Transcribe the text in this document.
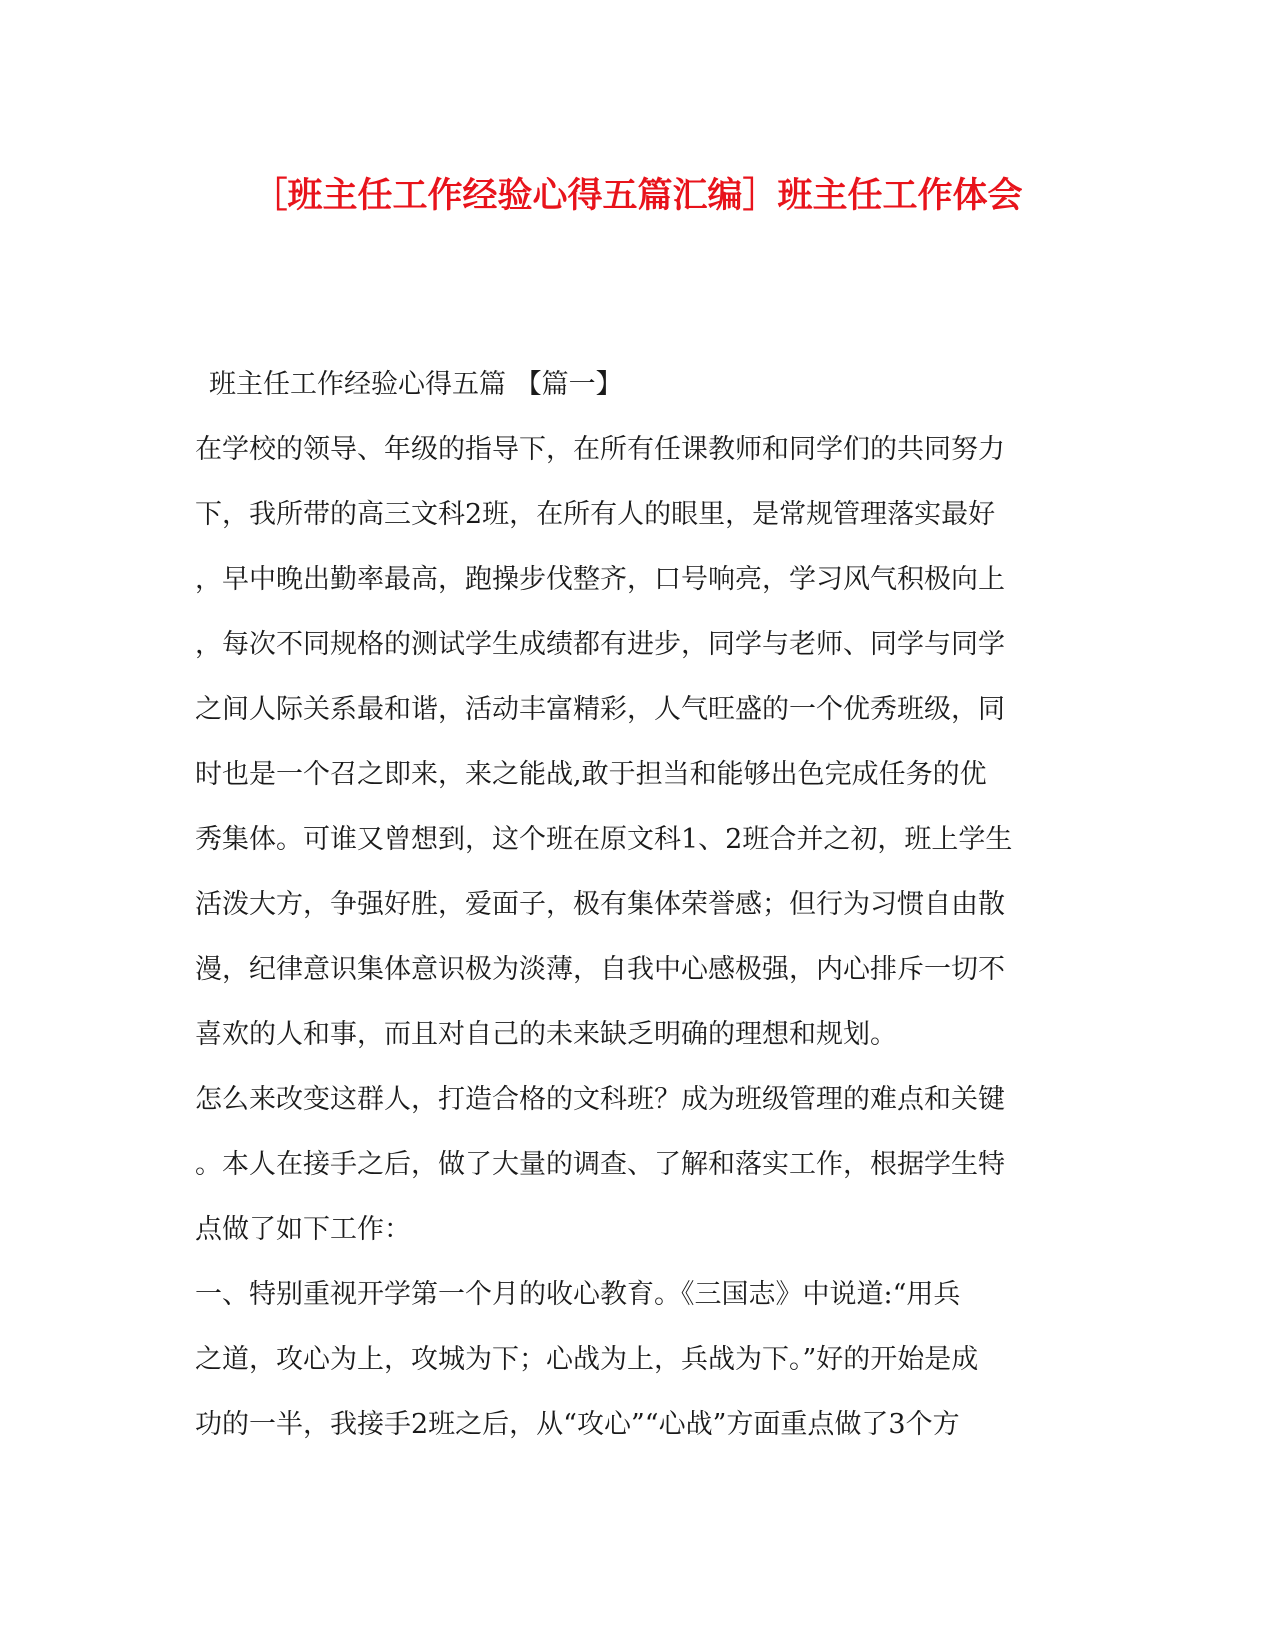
［班主任工作经验心得五篇汇编］班主任工作体会
班主任工作经验心得五篇 【篇一】
在学校的领导、年级的指导下，在所有任课教师和同学们的共同努力
下，我所带的高三文科2班，在所有人的眼里，是常规管理落实最好
，早中晚出勤率最高，跑操步伐整齐，口号响亮，学习风气积极向上
，每次不同规格的测试学生成绩都有进步，同学与老师、同学与同学
之间人际关系最和谐，活动丰富精彩，人气旺盛的一个优秀班级，同
时也是一个召之即来，来之能战,敢于担当和能够出色完成任务的优
秀集体。可谁又曾想到，这个班在原文科1、2班合并之初，班上学生
活泼大方，争强好胜，爱面子，极有集体荣誉感；但行为习惯自由散
漫，纪律意识集体意识极为淡薄，自我中心感极强，内心排斥一切不
喜欢的人和事，而且对自己的未来缺乏明确的理想和规划。
怎么来改变这群人，打造合格的文科班？成为班级管理的难点和关键
。本人在接手之后，做了大量的调查、了解和落实工作，根据学生特
点做了如下工作：
一、特别重视开学第一个月的收心教育。《三国志》中说道:“用兵
之道，攻心为上，攻城为下；心战为上，兵战为下。”好的开始是成
功的一半，我接手2班之后，从“攻心”“心战”方面重点做了3个方
